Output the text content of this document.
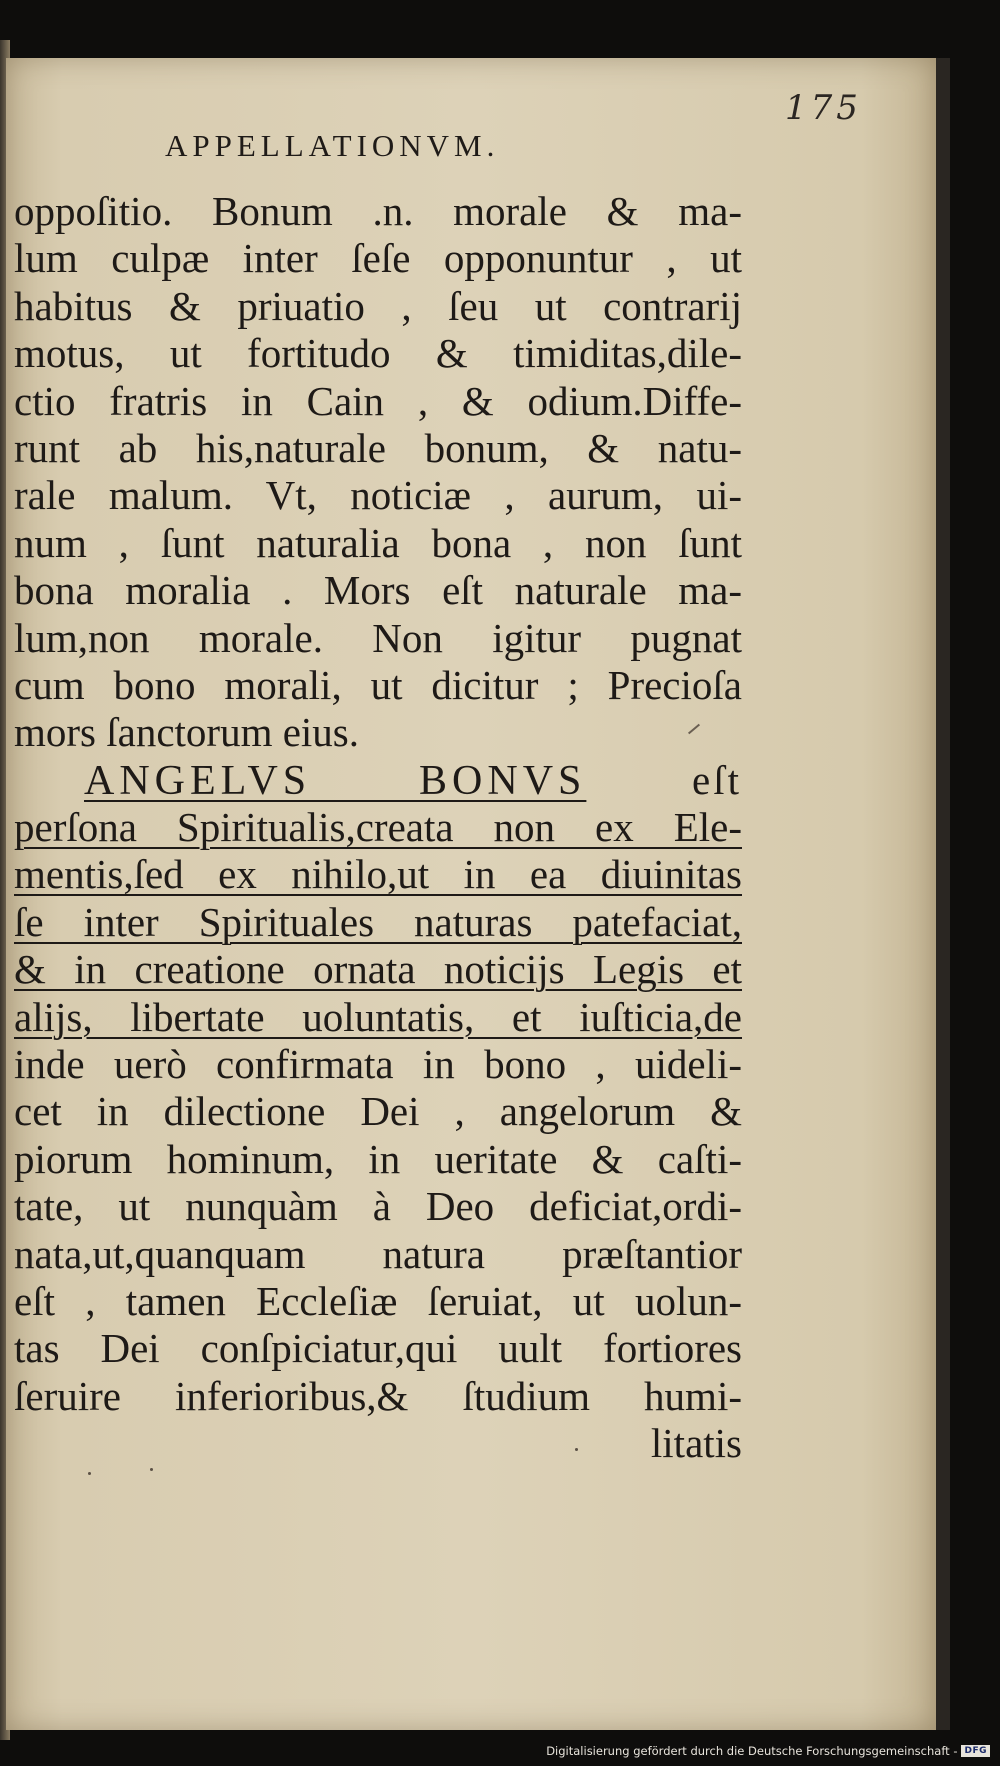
175
APPELLATIONVM.
oppoſitio. Bonum .n. morale & ma-
lum culpæ inter ſeſe opponuntur , ut
habitus & priuatio , ſeu ut contrarij
motus, ut fortitudo & timiditas,dile-
ctio fratris in Cain , & odium.Diffe-
runt ab his,naturale bonum, & natu-
rale malum. Vt, noticiæ , aurum, ui-
num , ſunt naturalia bona , non ſunt
bona moralia . Mors eſt naturale ma-
lum,non morale. Non igitur pugnat
cum bono morali, ut dicitur ; Precioſa
mors ſanctorum eius.
ANGELVS BONVS	eſt
perſona Spiritualis,creata non ex Ele-
mentis,ſed ex nihilo,ut in ea diuinitas
ſe inter Spirituales naturas patefaciat,
& in creatione ornata noticijs Legis et
alijs, libertate uoluntatis, et iuſticia,de
inde uerò confirmata in bono , uideli-
cet in dilectione Dei , angelorum &
piorum hominum, in ueritate & caſti-
tate, ut nunquàm à Deo deficiat,ordi-
nata,ut,quanquam natura præſtantior
eſt , tamen Eccleſiæ ſeruiat, ut uolun-
tas Dei conſpiciatur,qui uult fortiores
ſeruire inferioribus,& ſtudium humi-
litatis
Digitalisierung gefördert durch die Deutsche Forschungsgemeinschaft - DFG
